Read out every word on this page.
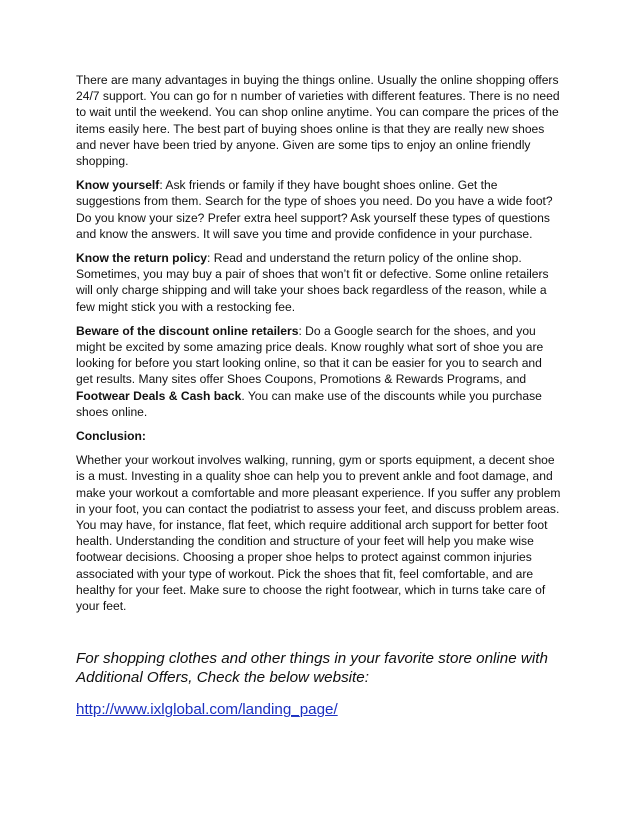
There are many advantages in buying the things online. Usually the online shopping offers 24/7 support. You can go for n number of varieties with different features. There is no need to wait until the weekend. You can shop online anytime. You can compare the prices of the items easily here. The best part of buying shoes online is that they are really new shoes and never have been tried by anyone. Given are some tips to enjoy an online friendly shopping.

Know yourself: Ask friends or family if they have bought shoes online. Get the suggestions from them. Search for the type of shoes you need. Do you have a wide foot? Do you know your size? Prefer extra heel support? Ask yourself these types of questions and know the answers. It will save you time and provide confidence in your purchase.

Know the return policy: Read and understand the return policy of the online shop. Sometimes, you may buy a pair of shoes that won’t fit or defective. Some online retailers will only charge shipping and will take your shoes back regardless of the reason, while a few might stick you with a restocking fee.

Beware of the discount online retailers: Do a Google search for the shoes, and you might be excited by some amazing price deals. Know roughly what sort of shoe you are looking for before you start looking online, so that it can be easier for you to search and get results. Many sites offer Shoes Coupons, Promotions & Rewards Programs, and Footwear Deals & Cash back. You can make use of the discounts while you purchase shoes online.

Conclusion:

Whether your workout involves walking, running, gym or sports equipment, a decent shoe is a must. Investing in a quality shoe can help you to prevent ankle and foot damage, and make your workout a comfortable and more pleasant experience. If you suffer any problem in your foot, you can contact the podiatrist to assess your feet, and discuss problem areas. You may have, for instance, flat feet, which require additional arch support for better foot health. Understanding the condition and structure of your feet will help you make wise footwear decisions. Choosing a proper shoe helps to protect against common injuries associated with your type of workout. Pick the shoes that fit, feel comfortable, and are healthy for your feet. Make sure to choose the right footwear, which in turns take care of your feet.

For shopping clothes and other things in your favorite store online with Additional Offers, Check the below website:

http://www.ixlglobal.com/landing_page/
